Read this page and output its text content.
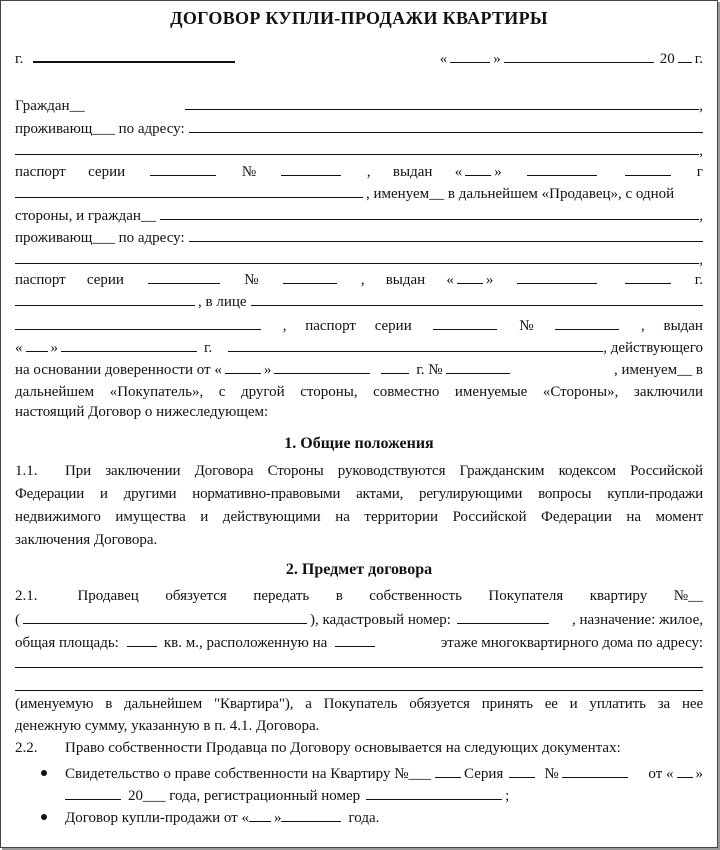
ДОГОВОР КУПЛИ-ПРОДАЖИ КВАРТИРЫ
г.	«	»	20 г.
Граждан__	,
проживающ___ по адресу:
,
паспорт серии	№	, выдан « »	г
, именуем__ в дальнейшем «Продавец», с одной
стороны, и граждан__	,
проживающ___ по адресу:
,
паспорт серии	№	, выдан « »	г.
, в лице
, паспорт серии	№	, выдан
« »	г.	, действующего
на основании доверенности от «	»	г. №	, именуем__ в
дальнейшем «Покупатель», с другой стороны, совместно именуемые «Стороны», заключили
настоящий Договор о нижеследующем:
1. Общие положения
1.1.	При заключении Договора Стороны руководствуются Гражданским кодексом Российской
Федерации и другими нормативно-правовыми актами, регулирующими вопросы купли-продажи
недвижимого имущества и действующими на территории Российской Федерации на момент
заключения Договора.
2. Предмет договора
2.1.	Продавец обязуется передать в собственность Покупателя квартиру №__
(	), кадастровый номер:	, назначение: жилое,
общая площадь:	кв. м., расположенную на	этаже многоквартирного дома по адресу:
(именуемую в дальнейшем "Квартира"), а Покупатель обязуется принять ее и уплатить за нее
денежную сумму, указанную в п. 4.1. Договора.
2.2.	Право собственности Продавца по Договору основывается на следующих документах:
Свидетельство о праве собственности на Квартиру №___ Серия	№	от « »
20___ года, регистрационный номер	;
Договор купли-продажи от « »	года.
